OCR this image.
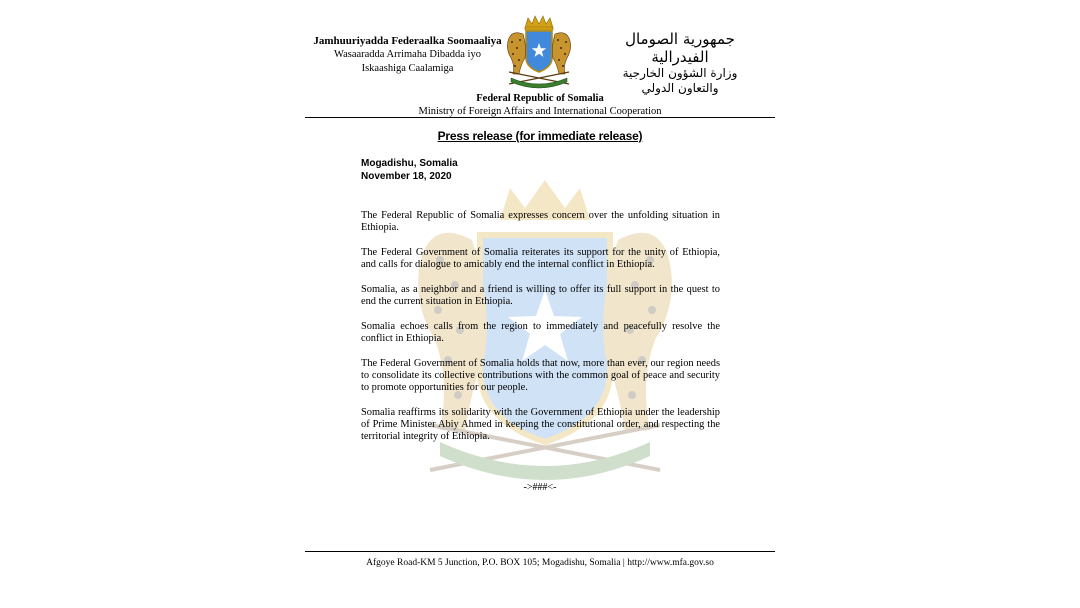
Jamhuuriyadda Federaalka Soomaaliya
Wasaaradda Arrimaha Dibadda iyo
Iskaashiga Caalamiga
جمهورية الصومال الفيدرالية
وزارة الشؤون الخارجية
والتعاون الدولي
Federal Republic of Somalia
Ministry of Foreign Affairs and International Cooperation
Press release (for immediate release)
Mogadishu, Somalia
November 18, 2020

The Federal Republic of Somalia expresses concern over the unfolding situation in Ethiopia.

The Federal Government of Somalia reiterates its support for the unity of Ethiopia, and calls for dialogue to amicably end the internal conflict in Ethiopia.

Somalia, as a neighbor and a friend is willing to offer its full support in the quest to end the current situation in Ethiopia.

Somalia echoes calls from the region to immediately and peacefully resolve the conflict in Ethiopia.

The Federal Government of Somalia holds that now, more than ever, our region needs to consolidate its collective contributions with the common goal of peace and security to promote opportunities for our people.

Somalia reaffirms its solidarity with the Government of Ethiopia under the leadership of Prime Minister Abiy Ahmed in keeping the constitutional order, and respecting the territorial integrity of Ethiopia.

->###<-
Afgoye Road-KM 5 Junction, P.O. BOX 105; Mogadishu, Somalia | http://www.mfa.gov.so
